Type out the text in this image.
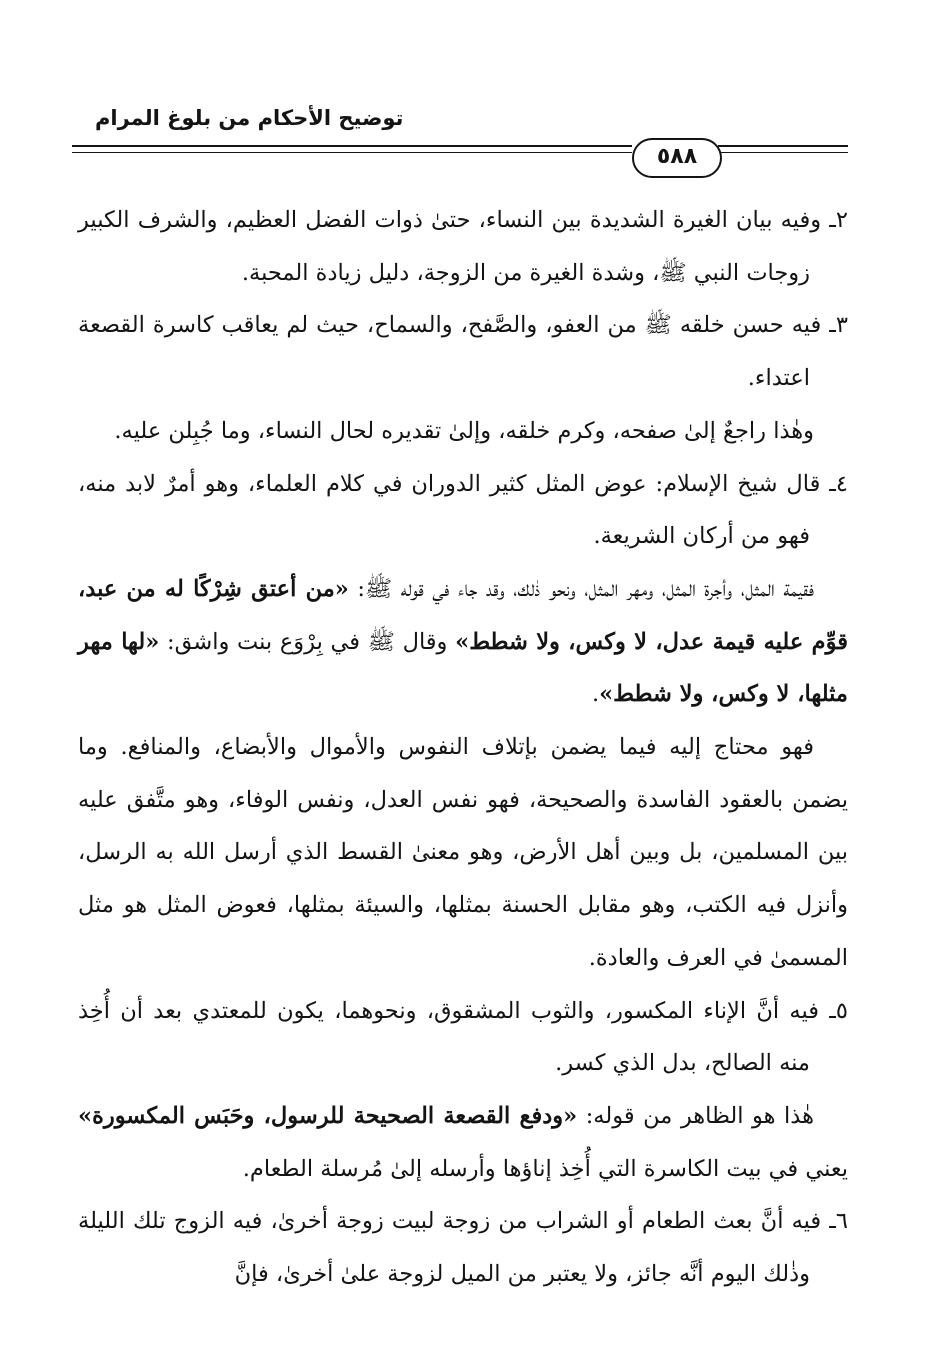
توضيح الأحكام من بلوغ المرام
٥٨٨

٢ـ وفيه بيان الغيرة الشديدة بين النساء، حتىٰ ذوات الفضل العظيم، والشرف الكبير زوجات النبي ﷺ، وشدة الغيرة من الزوجة، دليل زيادة المحبة.

٣ـ فيه حسن خلقه ﷺ من العفو، والصَّفح، والسماح، حيث لم يعاقب كاسرة القصعة اعتداء.

وهٰذا راجعٌ إلىٰ صفحه، وكرم خلقه، وإلىٰ تقديره لحال النساء، وما جُبِلن عليه.

٤ـ قال شيخ الإسلام: عوض المثل كثير الدوران في كلام العلماء، وهو أمرٌ لابد منه، فهو من أركان الشريعة.

فقيمة المثل، وأجرة المثل، ومهر المثل، ونحو ذٰلك، وقد جاء في قوله ﷺ: «من أعتق شِرْكًا له من عبد، قوِّم عليه قيمة عدل، لا وكس، ولا شطط» وقال ﷺ في بِرْوَع بنت واشق: «لها مهر مثلها، لا وكس، ولا شطط».

فهو محتاج إليه فيما يضمن بإتلاف النفوس والأموال والأبضاع، والمنافع. وما يضمن بالعقود الفاسدة والصحيحة، فهو نفس العدل، ونفس الوفاء، وهو متَّفق عليه بين المسلمين، بل وبين أهل الأرض، وهو معنىٰ القسط الذي أرسل الله به الرسل، وأنزل فيه الكتب، وهو مقابل الحسنة بمثلها، والسيئة بمثلها، فعوض المثل هو مثل المسمىٰ في العرف والعادة.

٥ـ فيه أنَّ الإناء المكسور، والثوب المشقوق، ونحوهما، يكون للمعتدي بعد أن أُخِذ منه الصالح، بدل الذي كسر.

هٰذا هو الظاهر من قوله: «ودفع القصعة الصحيحة للرسول، وحَبَس المكسورة» يعني في بيت الكاسرة التي أُخِذ إناؤها وأرسله إلىٰ مُرسلة الطعام.

٦ـ فيه أنَّ بعث الطعام أو الشراب من زوجة لبيت زوجة أخرىٰ، فيه الزوج تلك الليلة وذٰلك اليوم أنَّه جائز، ولا يعتبر من الميل لزوجة علىٰ أخرىٰ، فإنَّ
